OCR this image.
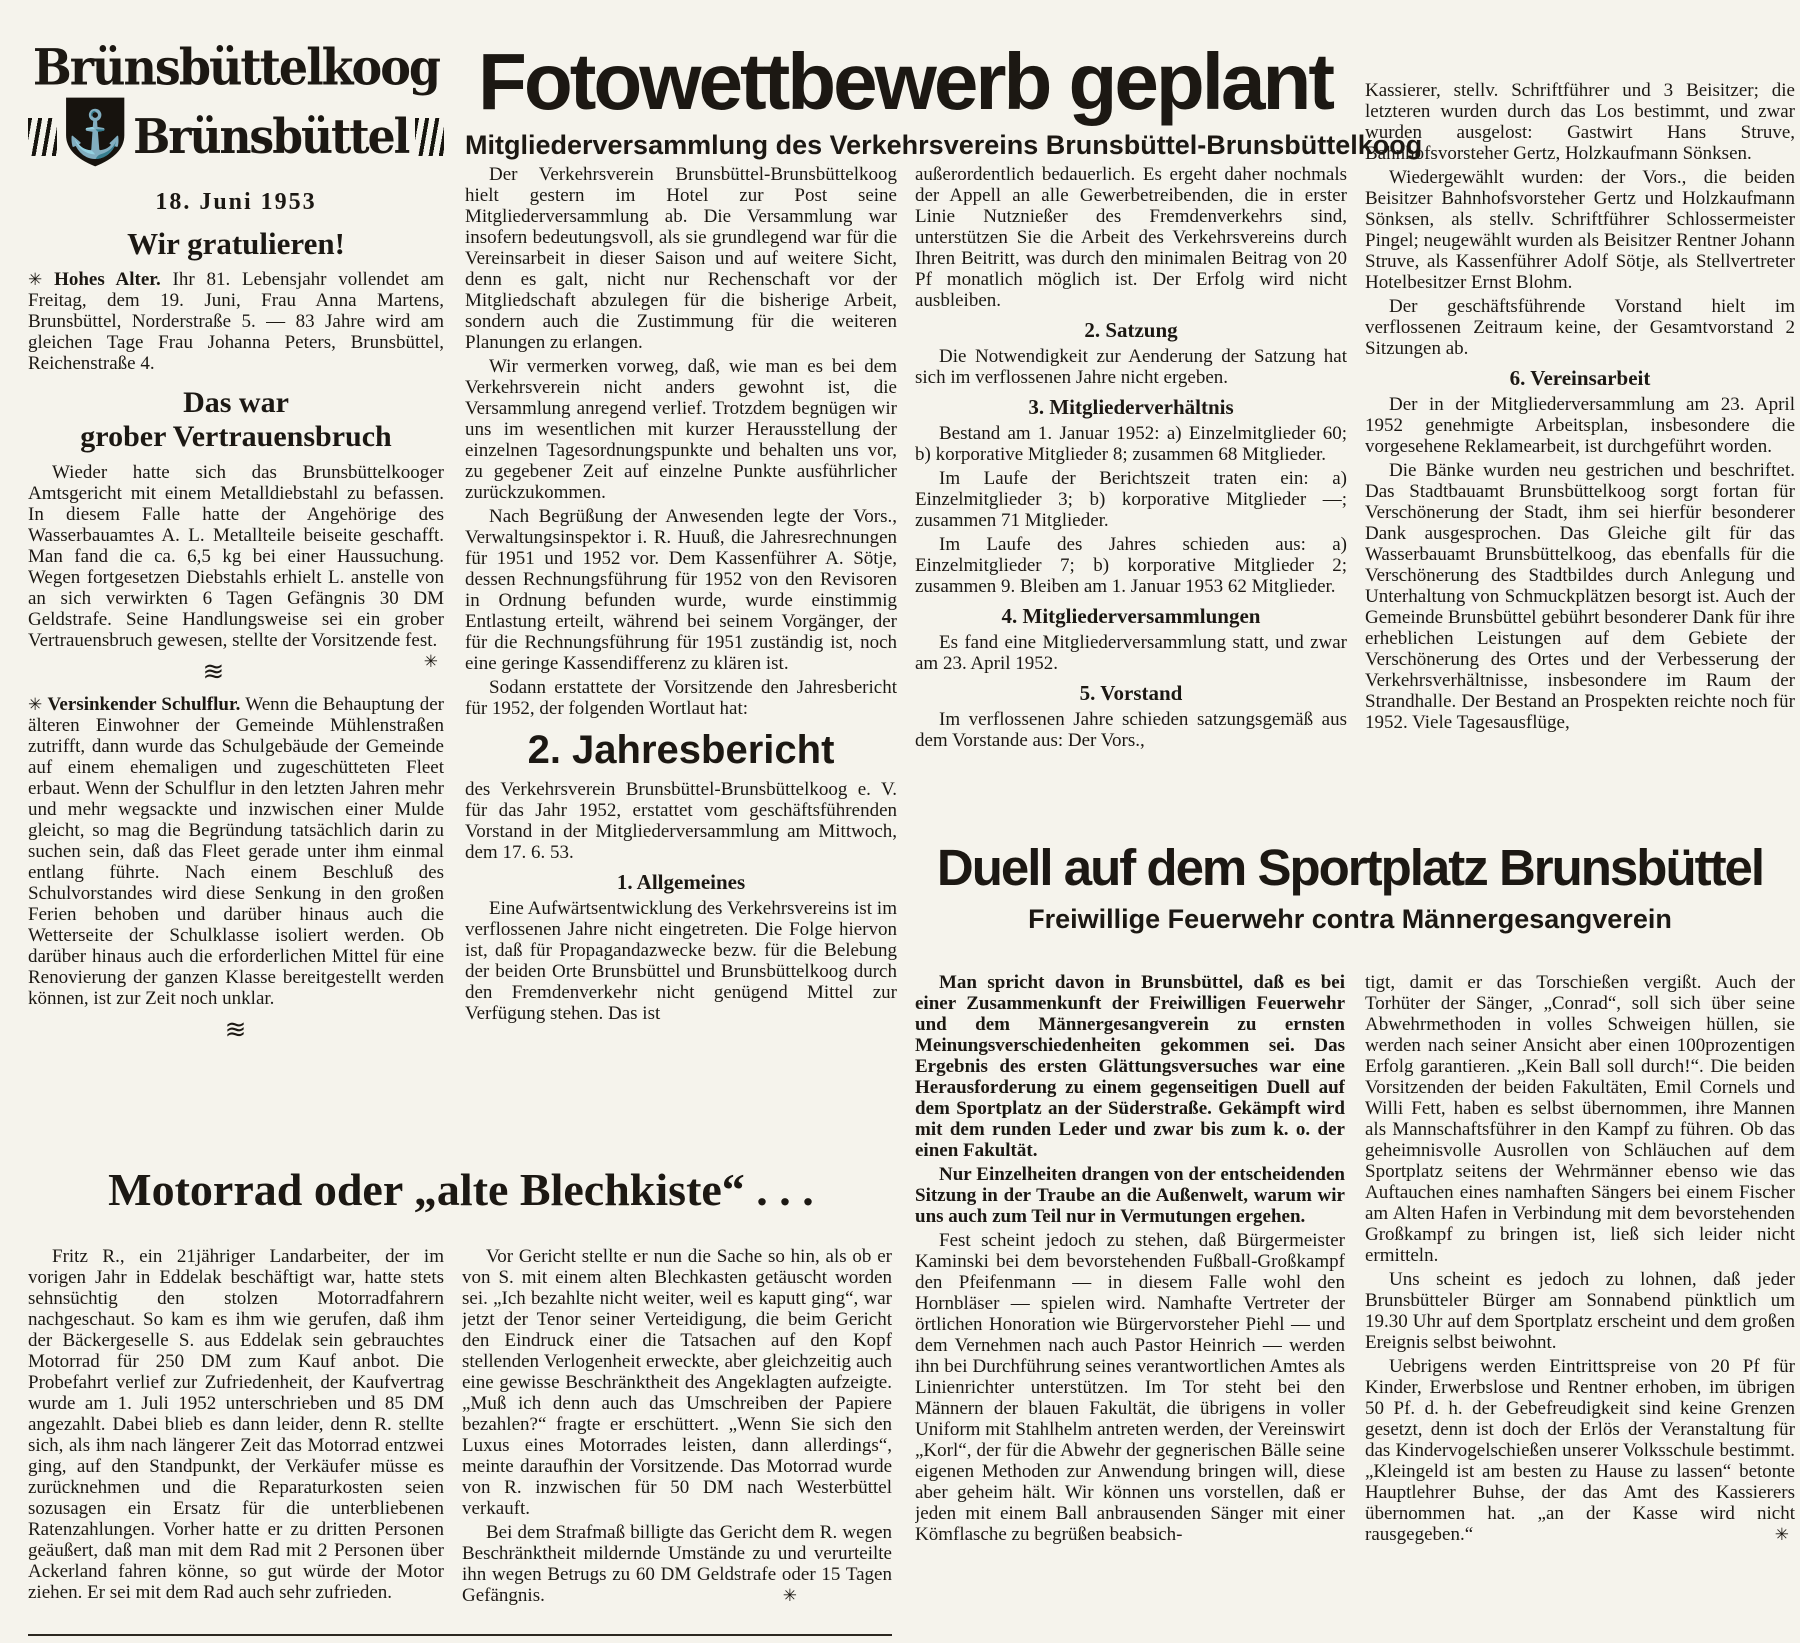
Brünsbüttelkoog
⚓ Brünsbüttel
18. Juni 1953
Wir gratulieren!

✳ Hohes Alter. Ihr 81. Lebensjahr vollendet am Freitag, dem 19. Juni, Frau Anna Martens, Brunsbüttel, Norderstraße 5. — 83 Jahre wird am gleichen Tage Frau Johanna Peters, Brunsbüttel, Reichenstraße 4.

Das war
grober Vertrauensbruch

Wieder hatte sich das Brunsbüttelkooger Amtsgericht mit einem Metalldiebstahl zu befassen. In diesem Falle hatte der Angehörige des Wasserbauamtes A. L. Metallteile beiseite geschafft. Man fand die ca. 6,5 kg bei einer Haussuchung. Wegen fortgesetzen Diebstahls erhielt L. anstelle von an sich verwirkten 6 Tagen Gefängnis 30 DM Geldstrafe. Seine Handlungsweise sei ein grober Vertrauensbruch gewesen, stellte der Vorsitzende fest.
✳

≋

✳ Versinkender Schulflur. Wenn die Behauptung der älteren Einwohner der Gemeinde Mühlenstraßen zutrifft, dann wurde das Schulgebäude der Gemeinde auf einem ehemaligen und zugeschütteten Fleet erbaut. Wenn der Schulflur in den letzten Jahren mehr und mehr wegsackte und inzwischen einer Mulde gleicht, so mag die Begründung tatsächlich darin zu suchen sein, daß das Fleet gerade unter ihm einmal entlang führte. Nach einem Beschluß des Schulvorstandes wird diese Senkung in den großen Ferien behoben und darüber hinaus auch die Wetterseite der Schulklasse isoliert werden. Ob darüber hinaus auch die erforderlichen Mittel für eine Renovierung der ganzen Klasse bereitgestellt werden können, ist zur Zeit noch unklar.

≋
Fotowettbewerb geplant
Mitgliederversammlung des Verkehrsvereins Brunsbüttel-Brunsbüttelkoog

Der Verkehrsverein Brunsbüttel-Brunsbüttelkoog hielt gestern im Hotel zur Post seine Mitgliederversammlung ab. Die Versammlung war insofern bedeutungsvoll, als sie grundlegend war für die Vereinsarbeit in dieser Saison und auf weitere Sicht, denn es galt, nicht nur Rechenschaft vor der Mitgliedschaft abzulegen für die bisherige Arbeit, sondern auch die Zustimmung für die weiteren Planungen zu erlangen.

Wir vermerken vorweg, daß, wie man es bei dem Verkehrsverein nicht anders gewohnt ist, die Versammlung anregend verlief. Trotzdem begnügen wir uns im wesentlichen mit kurzer Herausstellung der einzelnen Tagesordnungspunkte und behalten uns vor, zu gegebener Zeit auf einzelne Punkte ausführlicher zurückzukommen.

Nach Begrüßung der Anwesenden legte der Vors., Verwaltungsinspektor i. R. Huuß, die Jahresrechnungen für 1951 und 1952 vor. Dem Kassenführer A. Sötje, dessen Rechnungsführung für 1952 von den Revisoren in Ordnung befunden wurde, wurde einstimmig Entlastung erteilt, während bei seinem Vorgänger, der für die Rechnungsführung für 1951 zuständig ist, noch eine geringe Kassendifferenz zu klären ist.

Sodann erstattete der Vorsitzende den Jahresbericht für 1952, der folgenden Wortlaut hat:

2. Jahresbericht

des Verkehrsverein Brunsbüttel-Brunsbüttelkoog e. V. für das Jahr 1952, erstattet vom geschäftsführenden Vorstand in der Mitgliederversammlung am Mittwoch, dem 17. 6. 53.

1. Allgemeines

Eine Aufwärtsentwicklung des Verkehrsvereins ist im verflossenen Jahre nicht eingetreten. Die Folge hiervon ist, daß für Propagandazwecke bezw. für die Belebung der beiden Orte Brunsbüttel und Brunsbüttelkoog durch den Fremdenverkehr nicht genügend Mittel zur Verfügung stehen. Das ist

außerordentlich bedauerlich. Es ergeht daher nochmals der Appell an alle Gewerbetreibenden, die in erster Linie Nutznießer des Fremdenverkehrs sind, unterstützen Sie die Arbeit des Verkehrsvereins durch Ihren Beitritt, was durch den minimalen Beitrag von 20 Pf monatlich möglich ist. Der Erfolg wird nicht ausbleiben.

2. Satzung

Die Notwendigkeit zur Aenderung der Satzung hat sich im verflossenen Jahre nicht ergeben.

3. Mitgliederverhältnis

Bestand am 1. Januar 1952: a) Einzelmitglieder 60; b) korporative Mitglieder 8; zusammen 68 Mitglieder.

Im Laufe der Berichtszeit traten ein: a) Einzelmitglieder 3; b) korporative Mitglieder —; zusammen 71 Mitglieder.

Im Laufe des Jahres schieden aus: a) Einzelmitglieder 7; b) korporative Mitglieder 2; zusammen 9. Bleiben am 1. Januar 1953 62 Mitglieder.

4. Mitgliederversammlungen

Es fand eine Mitgliederversammlung statt, und zwar am 23. April 1952.

5. Vorstand

Im verflossenen Jahre schieden satzungsgemäß aus dem Vorstande aus: Der Vors.,

Kassierer, stellv. Schriftführer und 3 Beisitzer; die letzteren wurden durch das Los bestimmt, und zwar wurden ausgelost: Gastwirt Hans Struve, Bahnhofsvorsteher Gertz, Holzkaufmann Sönksen.

Wiedergewählt wurden: der Vors., die beiden Beisitzer Bahnhofsvorsteher Gertz und Holzkaufmann Sönksen, als stellv. Schriftführer Schlossermeister Pingel; neugewählt wurden als Beisitzer Rentner Johann Struve, als Kassenführer Adolf Sötje, als Stellvertreter Hotelbesitzer Ernst Blohm.

Der geschäftsführende Vorstand hielt im verflossenen Zeitraum keine, der Gesamtvorstand 2 Sitzungen ab.

6. Vereinsarbeit

Der in der Mitgliederversammlung am 23. April 1952 genehmigte Arbeitsplan, insbesondere die vorgesehene Reklamearbeit, ist durchgeführt worden.

Die Bänke wurden neu gestrichen und beschriftet. Das Stadtbauamt Brunsbüttelkoog sorgt fortan für Verschönerung der Stadt, ihm sei hierfür besonderer Dank ausgesprochen. Das Gleiche gilt für das Wasserbauamt Brunsbüttelkoog, das ebenfalls für die Verschönerung des Stadtbildes durch Anlegung und Unterhaltung von Schmuckplätzen besorgt ist. Auch der Gemeinde Brunsbüttel gebührt besonderer Dank für ihre erheblichen Leistungen auf dem Gebiete der Verschönerung des Ortes und der Verbesserung der Verkehrsverhältnisse, insbesondere im Raum der Strandhalle. Der Bestand an Prospekten reichte noch für 1952. Viele Tagesausflüge,

Duell auf dem Sportplatz Brunsbüttel
Freiwillige Feuerwehr contra Männergesangverein

Man spricht davon in Brunsbüttel, daß es bei einer Zusammenkunft der Freiwilligen Feuerwehr und dem Männergesangverein zu ernsten Meinungsverschiedenheiten gekommen sei. Das Ergebnis des ersten Glättungsversuches war eine Herausforderung zu einem gegenseitigen Duell auf dem Sportplatz an der Süderstraße. Gekämpft wird mit dem runden Leder und zwar bis zum k. o. der einen Fakultät.

Nur Einzelheiten drangen von der entscheidenden Sitzung in der Traube an die Außenwelt, warum wir uns auch zum Teil nur in Vermutungen ergehen.

Fest scheint jedoch zu stehen, daß Bürgermeister Kaminski bei dem bevorstehenden Fußball-Großkampf den Pfeifenmann — in diesem Falle wohl den Hornbläser — spielen wird. Namhafte Vertreter der örtlichen Honoration wie Bürgervorsteher Piehl — und dem Vernehmen nach auch Pastor Heinrich — werden ihn bei Durchführung seines verantwortlichen Amtes als Linienrichter unterstützen. Im Tor steht bei den Männern der blauen Fakultät, die übrigens in voller Uniform mit Stahlhelm antreten werden, der Vereinswirt „Korl“, der für die Abwehr der gegnerischen Bälle seine eigenen Methoden zur Anwendung bringen will, diese aber geheim hält. Wir können uns vorstellen, daß er jeden mit einem Ball anbrausenden Sänger mit einer Kömflasche zu begrüßen beabsich-

tigt, damit er das Torschießen vergißt. Auch der Torhüter der Sänger, „Conrad“, soll sich über seine Abwehrmethoden in volles Schweigen hüllen, sie werden nach seiner Ansicht aber einen 100prozentigen Erfolg garantieren. „Kein Ball soll durch!“. Die beiden Vorsitzenden der beiden Fakultäten, Emil Cornels und Willi Fett, haben es selbst übernommen, ihre Mannen als Mannschaftsführer in den Kampf zu führen. Ob das geheimnisvolle Ausrollen von Schläuchen auf dem Sportplatz seitens der Wehrmänner ebenso wie das Auftauchen eines namhaften Sängers bei einem Fischer am Alten Hafen in Verbindung mit dem bevorstehenden Großkampf zu bringen ist, ließ sich leider nicht ermitteln.

Uns scheint es jedoch zu lohnen, daß jeder Brunsbütteler Bürger am Sonnabend pünktlich um 19.30 Uhr auf dem Sportplatz erscheint und dem großen Ereignis selbst beiwohnt.

Uebrigens werden Eintrittspreise von 20 Pf für Kinder, Erwerbslose und Rentner erhoben, im übrigen 50 Pf. d. h. der Gebefreudigkeit sind keine Grenzen gesetzt, denn ist doch der Erlös der Veranstaltung für das Kindervogelschießen unserer Volksschule bestimmt. „Kleingeld ist am besten zu Hause zu lassen“ betonte Hauptlehrer Buhse, der das Amt des Kassierers übernommen hat. „an der Kasse wird nicht rausgegeben.“	✳

Motorrad oder „alte Blechkiste“ . . .

Fritz R., ein 21jähriger Landarbeiter, der im vorigen Jahr in Eddelak beschäftigt war, hatte stets sehnsüchtig den stolzen Motorradfahrern nachgeschaut. So kam es ihm wie gerufen, daß ihm der Bäckergeselle S. aus Eddelak sein gebrauchtes Motorrad für 250 DM zum Kauf anbot. Die Probefahrt verlief zur Zufriedenheit, der Kaufvertrag wurde am 1. Juli 1952 unterschrieben und 85 DM angezahlt. Dabei blieb es dann leider, denn R. stellte sich, als ihm nach längerer Zeit das Motorrad entzwei ging, auf den Standpunkt, der Verkäufer müsse es zurücknehmen und die Reparaturkosten seien sozusagen ein Ersatz für die unterbliebenen Ratenzahlungen. Vorher hatte er zu dritten Personen geäußert, daß man mit dem Rad mit 2 Personen über Ackerland fahren könne, so gut würde der Motor ziehen. Er sei mit dem Rad auch sehr zufrieden.

Vor Gericht stellte er nun die Sache so hin, als ob er von S. mit einem alten Blechkasten getäuscht worden sei. „Ich bezahlte nicht weiter, weil es kaputt ging“, war jetzt der Tenor seiner Verteidigung, die beim Gericht den Eindruck einer die Tatsachen auf den Kopf stellenden Verlogenheit erweckte, aber gleichzeitig auch eine gewisse Beschränktheit des Angeklagten aufzeigte. „Muß ich denn auch das Umschreiben der Papiere bezahlen?“ fragte er erschüttert. „Wenn Sie sich den Luxus eines Motorrades leisten, dann allerdings“, meinte daraufhin der Vorsitzende. Das Motorrad wurde von R. inzwischen für 50 DM nach Westerbüttel verkauft.

Bei dem Strafmaß billigte das Gericht dem R. wegen Beschränktheit mildernde Umstände zu und verurteilte ihn wegen Betrugs zu 60 DM Geldstrafe oder 15 Tagen Gefängnis.	✳
